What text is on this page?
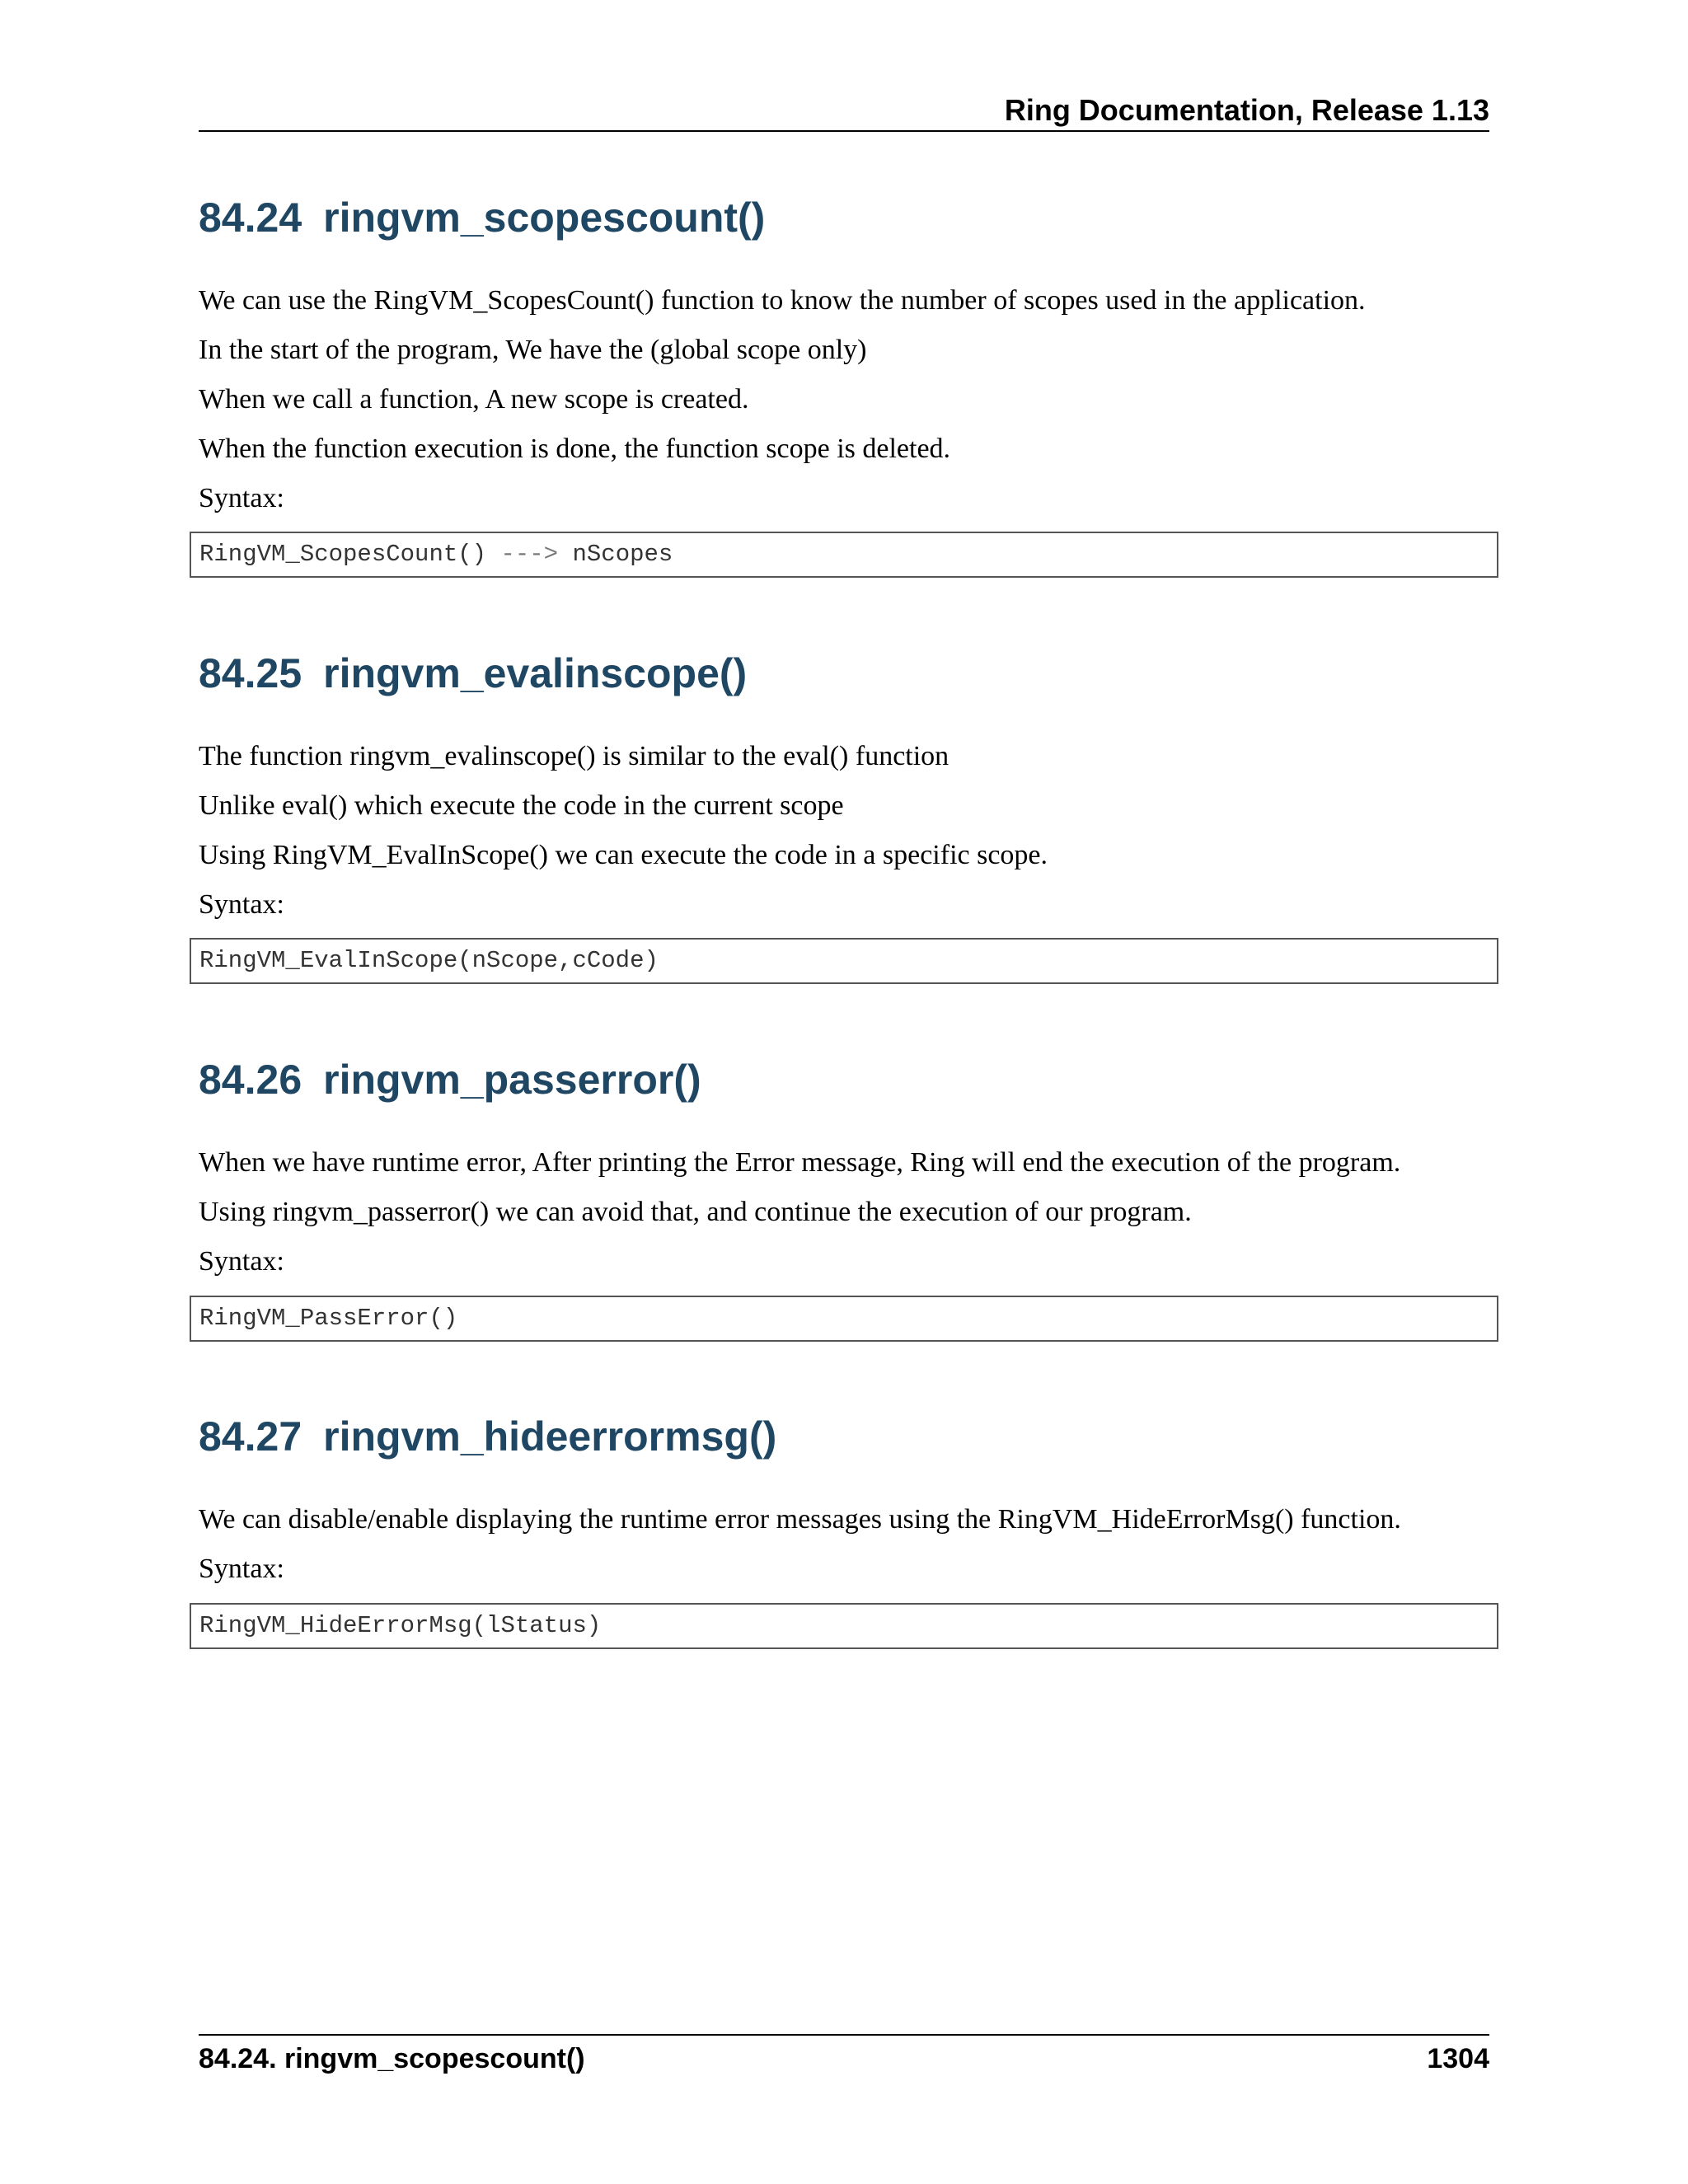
Ring Documentation, Release 1.13
84.24 ringvm_scopescount()

We can use the RingVM_ScopesCount() function to know the number of scopes used in the application.

In the start of the program, We have the (global scope only)

When we call a function, A new scope is created.

When the function execution is done, the function scope is deleted.

Syntax:

RingVM_ScopesCount() ---> nScopes
84.25 ringvm_evalinscope()

The function ringvm_evalinscope() is similar to the eval() function

Unlike eval() which execute the code in the current scope

Using RingVM_EvalInScope() we can execute the code in a specific scope.

Syntax:

RingVM_EvalInScope(nScope,cCode)
84.26 ringvm_passerror()

When we have runtime error, After printing the Error message, Ring will end the execution of the program.

Using ringvm_passerror() we can avoid that, and continue the execution of our program.

Syntax:

RingVM_PassError()
84.27 ringvm_hideerrormsg()

We can disable/enable displaying the runtime error messages using the RingVM_HideErrorMsg() function.

Syntax:

RingVM_HideErrorMsg(lStatus)
84.24. ringvm_scopescount()	1304
